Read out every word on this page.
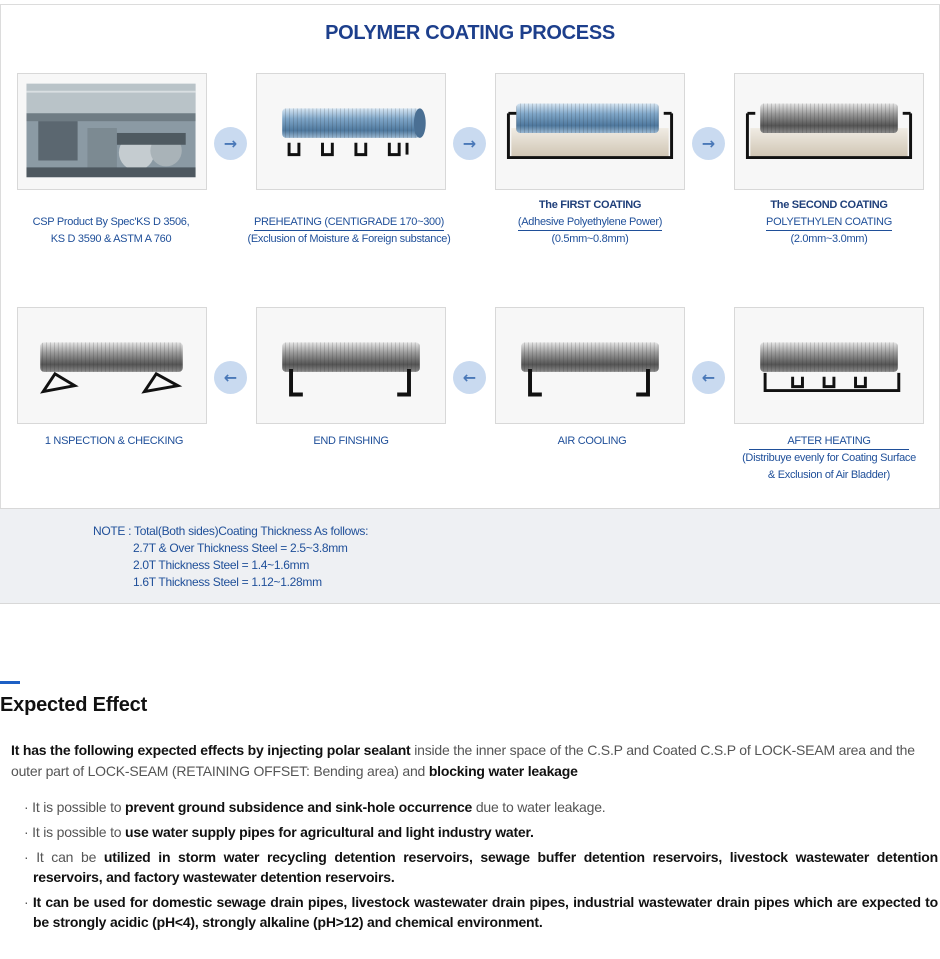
POLYMER COATING PROCESS
→	→	→
CSP Product By Spec'KS D 3506,
KS D 3590 & ASTM A 760
PREHEATING (CENTIGRADE 170~300)
(Exclusion of Moisture & Foreign substance)
The FIRST COATING
(Adhesive Polyethylene Power)
(0.5mm~0.8mm)
The SECOND COATING
POLYETHYLEN COATING
(2.0mm~3.0mm)
←	←	←
1 NSPECTION & CHECKING	END FINSHING	AIR COOLING	AFTER HEATING
(Distribuye evenly for Coating Surface
& Exclusion of Air Bladder)
NOTE : Total(Both sides)Coating Thickness As follows:
2.7T & Over Thickness Steel = 2.5~3.8mm
2.0T Thickness Steel = 1.4~1.6mm
1.6T Thickness Steel = 1.12~1.28mm
Expected Effect

It has the following expected effects by injecting polar sealant inside the inner space of the C.S.P and Coated C.S.P of LOCK-SEAM area and the outer part of LOCK-SEAM (RETAINING OFFSET: Bending area) and blocking water leakage

· It is possible to prevent ground subsidence and sink-hole occurrence due to water leakage.
· It is possible to use water supply pipes for agricultural and light industry water.
· It can be utilized in storm water recycling detention reservoirs, sewage buffer detention reservoirs, livestock wastewater detention reservoirs, and factory wastewater detention reservoirs.
· It can be used for domestic sewage drain pipes, livestock wastewater drain pipes, industrial wastewater drain pipes which are expected to be strongly acidic (pH<4), strongly alkaline (pH>12) and chemical environment.
